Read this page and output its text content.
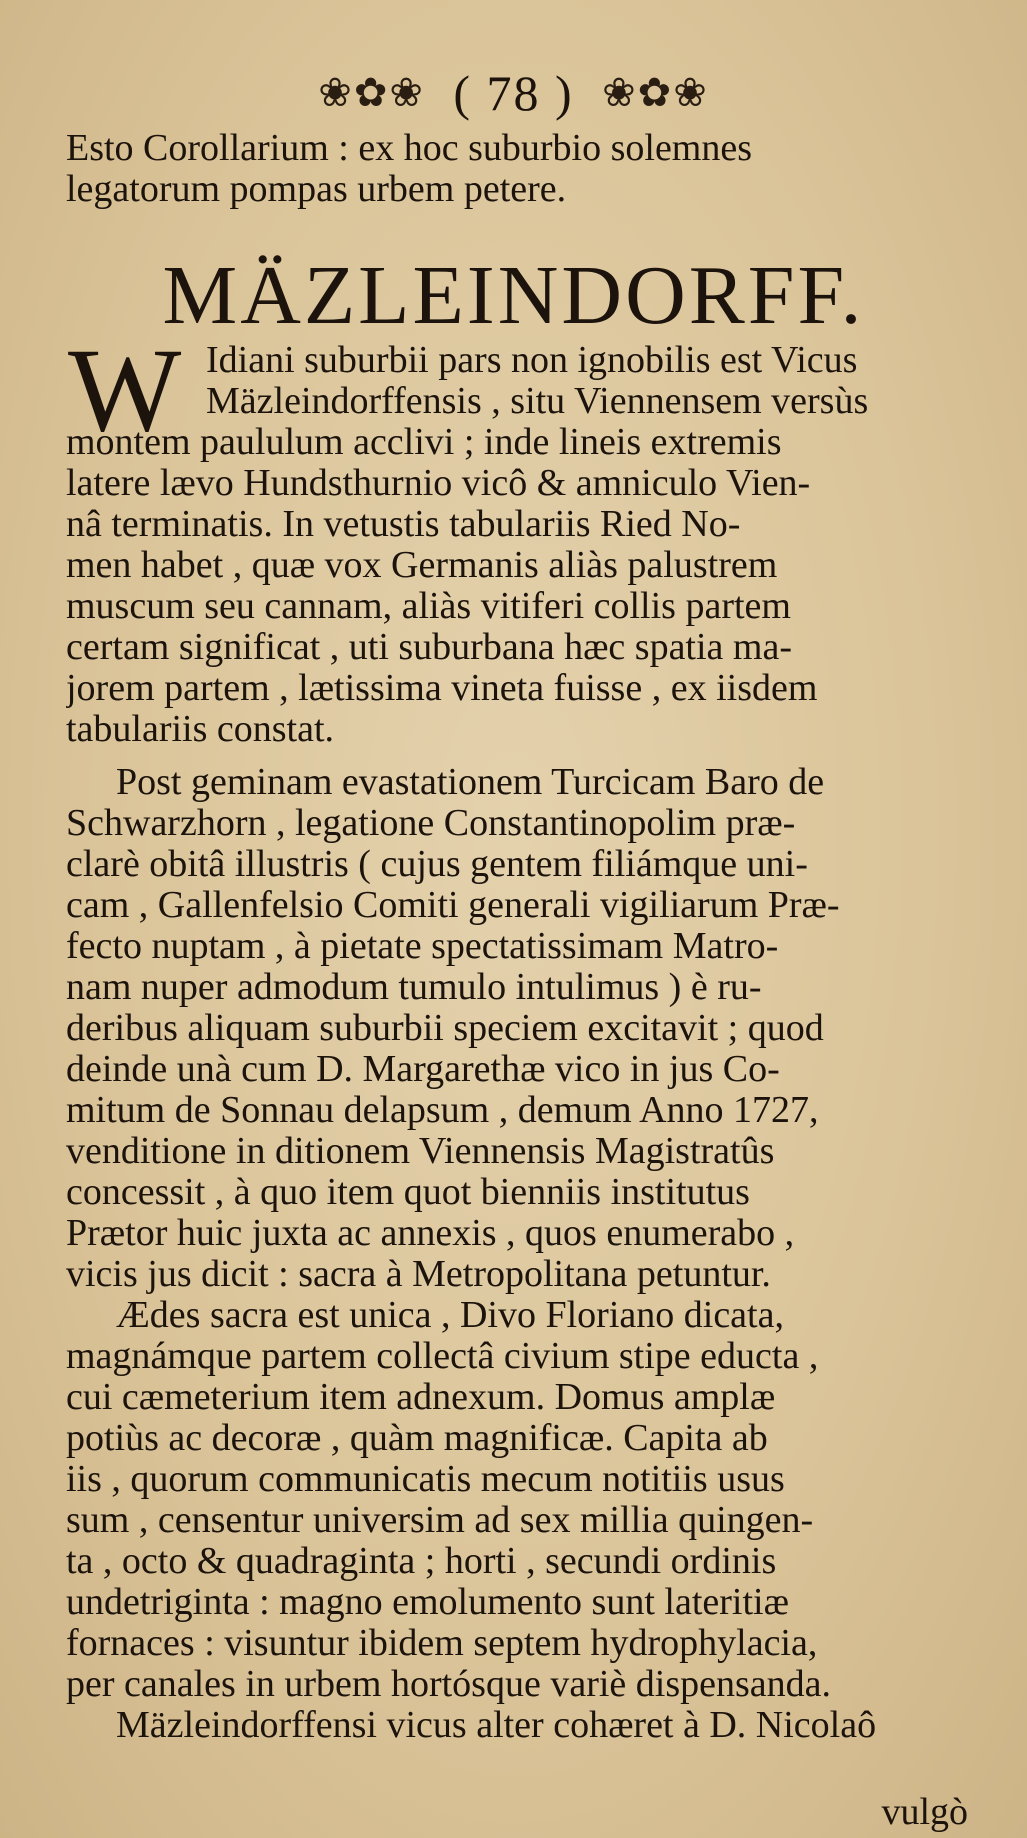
❀✿❀ ( 78 ) ❀✿❀
Esto Corollarium : ex hoc suburbio solemnes
legatorum pompas urbem petere.
MÄZLEINDORFF.
W Idiani suburbii pars non ignobilis est Vicus
Mäzleindorffensis , situ Viennensem versùs
montem paululum acclivi ; inde lineis extremis
latere lævo Hundsthurnio vicô & amniculo Vien-
nâ terminatis. In vetustis tabulariis Ried No-
men habet , quæ vox Germanis aliàs palustrem
muscum seu cannam, aliàs vitiferi collis partem
certam significat , uti suburbana hæc spatia ma-
jorem partem , lætissima vineta fuisse , ex iisdem
tabulariis constat.
Post geminam evastationem Turcicam Baro de
Schwarzhorn , legatione Constantinopolim præ-
clarè obitâ illustris ( cujus gentem filiámque uni-
cam , Gallenfelsio Comiti generali vigiliarum Præ-
fecto nuptam , à pietate spectatissimam Matro-
nam nuper admodum tumulo intulimus ) è ru-
deribus aliquam suburbii speciem excitavit ; quod
deinde unà cum D. Margarethæ vico in jus Co-
mitum de Sonnau delapsum , demum Anno 1727,
venditione in ditionem Viennensis Magistratûs
concessit , à quo item quot bienniis institutus
Prætor huic juxta ac annexis , quos enumerabo ,
vicis jus dicit : sacra à Metropolitana petuntur.
Ædes sacra est unica , Divo Floriano dicata,
magnámque partem collectâ civium stipe educta ,
cui cæmeterium item adnexum. Domus amplæ
potiùs ac decoræ , quàm magnificæ. Capita ab
iis , quorum communicatis mecum notitiis usus
sum , censentur universim ad sex millia quingen-
ta , octo & quadraginta ; horti , secundi ordinis
undetriginta : magno emolumento sunt lateritiæ
fornaces : visuntur ibidem septem hydrophylacia,
per canales in urbem hortósque variè dispensanda.
Mäzleindorffensi vicus alter cohæret à D. Nicolaô
vulgò
